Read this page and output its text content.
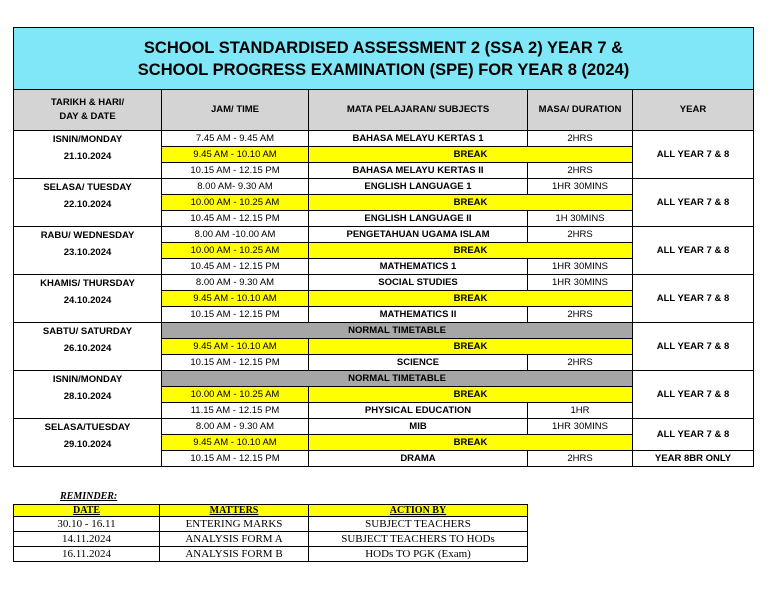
SCHOOL STANDARDISED ASSESSMENT 2 (SSA 2) YEAR 7 &
SCHOOL PROGRESS EXAMINATION (SPE) FOR YEAR 8 (2024)				

TARIKH & HARI/
DAY & DATE	JAM/ TIME	MATA PELAJARAN/ SUBJECTS	MASA/ DURATION	YEAR

ISNIN/MONDAY
21.10.2024	7.45 AM - 9.45 AM	BAHASA MELAYU KERTAS 1	2HRS	ALL YEAR 7 & 8
	9.45 AM - 10.10 AM	BREAK		
	10.15 AM - 12.15 PM	BAHASA MELAYU KERTAS II	2HRS	

SELASA/ TUESDAY
22.10.2024	8.00 AM- 9.30 AM	ENGLISH LANGUAGE 1	1HR 30MINS	ALL YEAR 7 & 8
	10.00 AM - 10.25 AM	BREAK		
	10.45 AM - 12.15 PM	ENGLISH LANGUAGE II	1H 30MINS	

RABU/ WEDNESDAY
23.10.2024	8.00 AM -10.00 AM	PENGETAHUAN UGAMA ISLAM	2HRS	ALL YEAR 7 & 8
	10.00 AM - 10.25 AM	BREAK		
	10.45 AM - 12.15 PM	MATHEMATICS 1	1HR 30MINS	

KHAMIS/ THURSDAY
24.10.2024	8.00 AM - 9.30 AM	SOCIAL STUDIES	1HR 30MINS	ALL YEAR 7 & 8
	9.45 AM - 10.10 AM	BREAK		
	10.15 AM - 12.15 PM	MATHEMATICS II	2HRS	

SABTU/ SATURDAY
26.10.2024	NORMAL TIMETABLE			ALL YEAR 7 & 8
	9.45 AM - 10.10 AM	BREAK		
	10.15 AM - 12.15 PM	SCIENCE	2HRS	

ISNIN/MONDAY
28.10.2024	NORMAL TIMETABLE			ALL YEAR 7 & 8
	10.00 AM - 10.25 AM	BREAK		
	11.15 AM - 12.15 PM	PHYSICAL EDUCATION	1HR	

SELASA/TUESDAY
29.10.2024	8.00 AM - 9.30 AM	MIB	1HR 30MINS	ALL YEAR 7 & 8
	9.45 AM - 10.10 AM	BREAK		
	10.15 AM - 12.15 PM	DRAMA	2HRS	YEAR 8BR ONLY
REMINDER:
DATE	MATTERS	ACTION BY
30.10 - 16.11	ENTERING MARKS	SUBJECT TEACHERS
14.11.2024	ANALYSIS FORM A	SUBJECT TEACHERS TO HODs
16.11.2024	ANALYSIS FORM B	HODs TO PGK (Exam)
